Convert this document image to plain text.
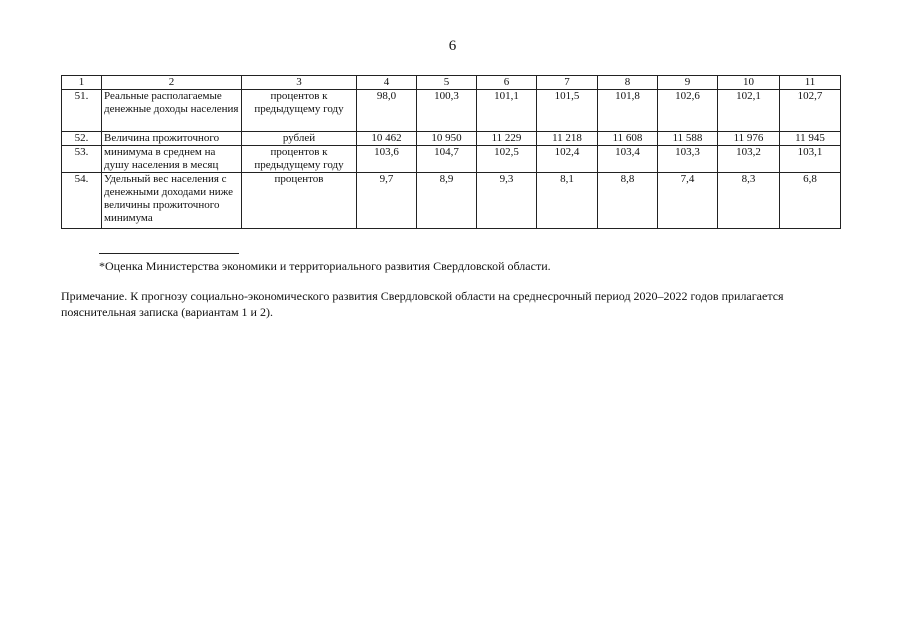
6
1	2	3	4	5	6	7	8	9	10	11
51.	Реальные располагаемые денежные доходы населения	процентов к предыдущему году	98,0	100,3	101,1	101,5	101,8	102,6	102,1	102,7
52.	Величина прожиточного	рублей	10 462	10 950	11 229	11 218	11 608	11 588	11 976	11 945
53.	минимума в среднем на душу населения в месяц	процентов к предыдущему году	103,6	104,7	102,5	102,4	103,4	103,3	103,2	103,1
54.	Удельный вес населения с денежными доходами ниже величины прожиточного минимума	процентов	9,7	8,9	9,3	8,1	8,8	7,4	8,3	6,8
*Оценка Министерства экономики и территориального развития Свердловской области.
Примечание. К прогнозу социально-экономического развития Свердловской области на среднесрочный период 2020–2022 годов прилагается пояснительная записка (вариантам 1 и 2).
